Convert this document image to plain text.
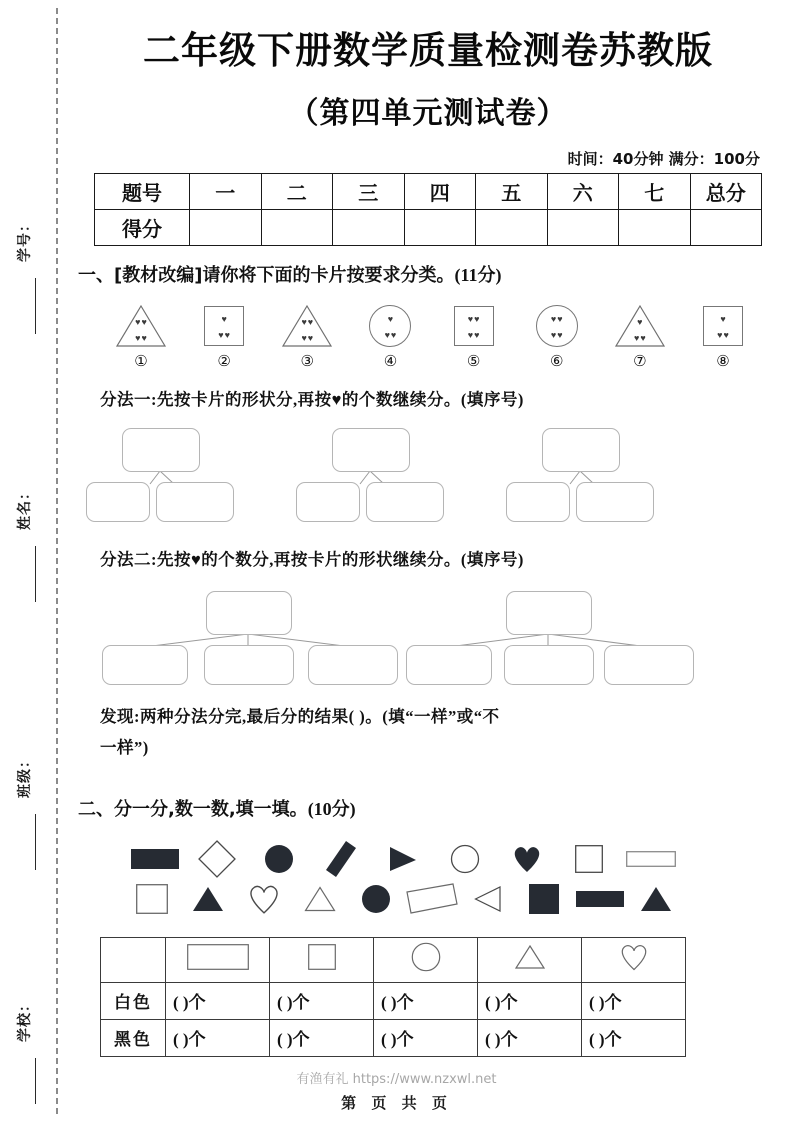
学号：
姓名：
班级：
学校：
二年级下册数学质量检测卷苏教版
（第四单元测试卷）
时间：40分钟 满分：100分
题号	一	二	三	四	五	六	七	总分
得分								
一、[教材改编]请你将下面的卡片按要求分类。(11分)
♥♥
♥♥
①
♥
♥♥
②
♥♥
♥♥
③
♥
♥♥
④
♥♥
♥♥
⑤
♥♥
♥♥
⑥
♥
♥♥
⑦
♥
♥♥
⑧
分法一:先按卡片的形状分,再按♥的个数继续分。(填序号)
分法二:先按♥的个数分,再按卡片的形状继续分。(填序号)
发现:两种分法分完,最后分的结果( )。(填“一样”或“不
一样”)
二、分一分,数一数,填一填。(10分)

白色	( )个	( )个	( )个	( )个	( )个
黑色	( )个	( )个	( )个	( )个	( )个
有渔有礼 https://www.nzxwl.net
第 页 共 页
